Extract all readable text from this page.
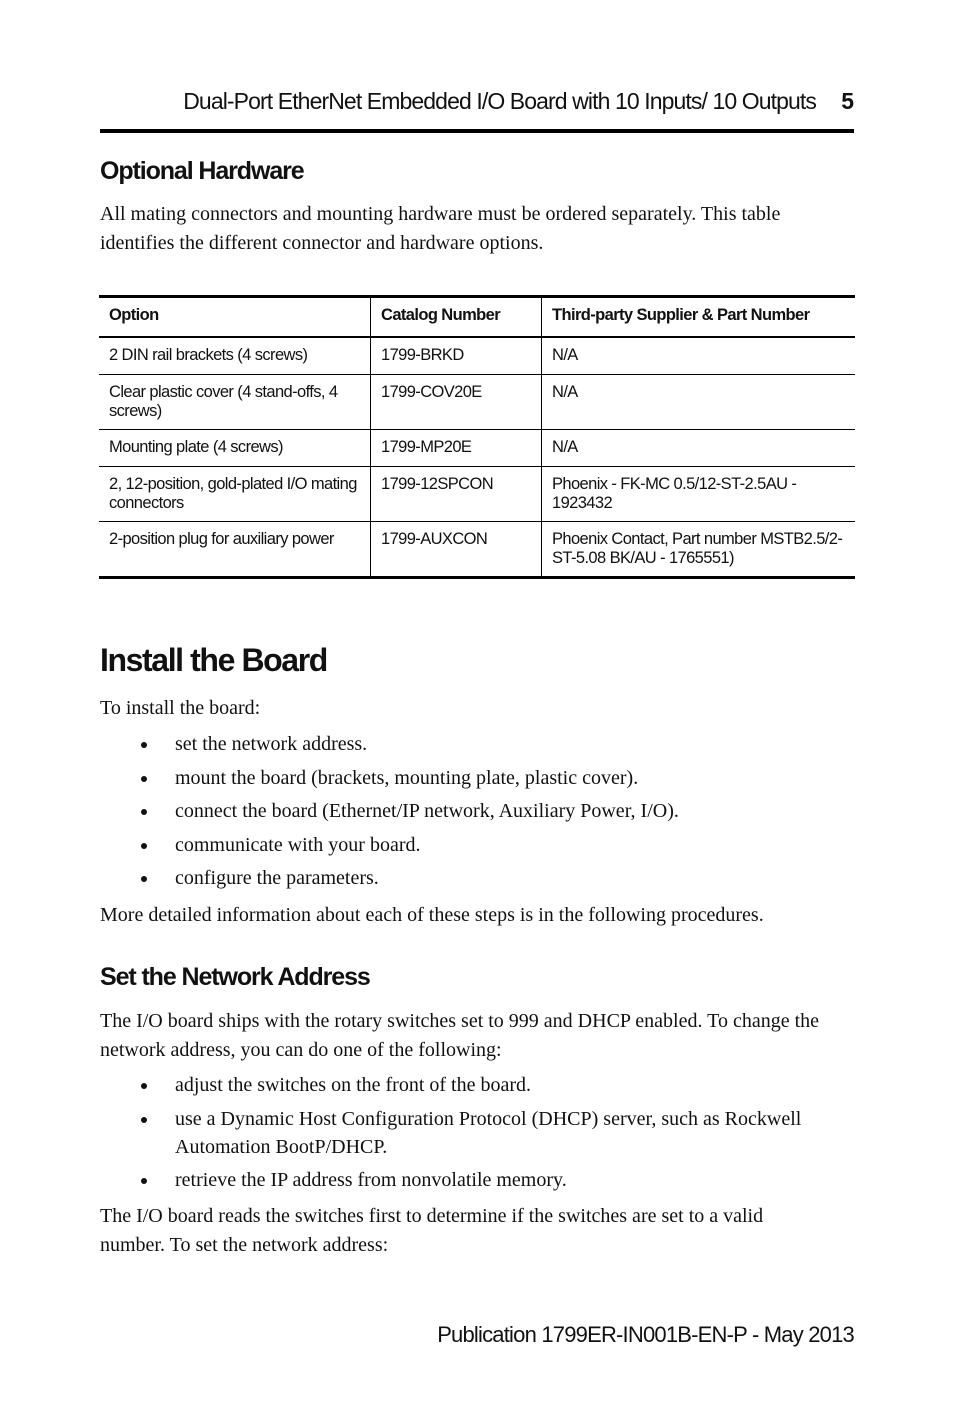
Dual-Port EtherNet Embedded I/O Board with 10 Inputs/ 10 Outputs	5
Optional Hardware

All mating connectors and mounting hardware must be ordered separately. This table identifies the different connector and hardware options.

Option	Catalog Number	Third-party Supplier & Part Number
2 DIN rail brackets (4 screws)	1799-BRKD	N/A
Clear plastic cover (4 stand-offs, 4 screws)	1799-COV20E	N/A
Mounting plate (4 screws)	1799-MP20E	N/A
2, 12-position, gold-plated I/O mating connectors	1799-12SPCON	Phoenix - FK-MC 0.5/12-ST-2.5AU - 1923432
2-position plug for auxiliary power	1799-AUXCON	Phoenix Contact, Part number MSTB2.5/2-ST-5.08 BK/AU - 1765551)
Install the Board

To install the board:

set the network address.
mount the board (brackets, mounting plate, plastic cover).
connect the board (Ethernet/IP network, Auxiliary Power, I/O).
communicate with your board.
configure the parameters.

More detailed information about each of these steps is in the following procedures.

Set the Network Address

The I/O board ships with the rotary switches set to 999 and DHCP enabled. To change the network address, you can do one of the following:

adjust the switches on the front of the board.
use a Dynamic Host Configuration Protocol (DHCP) server, such as Rockwell Automation BootP/DHCP.
retrieve the IP address from nonvolatile memory.

The I/O board reads the switches first to determine if the switches are set to a valid number. To set the network address:

Publication 1799ER-IN001B-EN-P - May 2013
